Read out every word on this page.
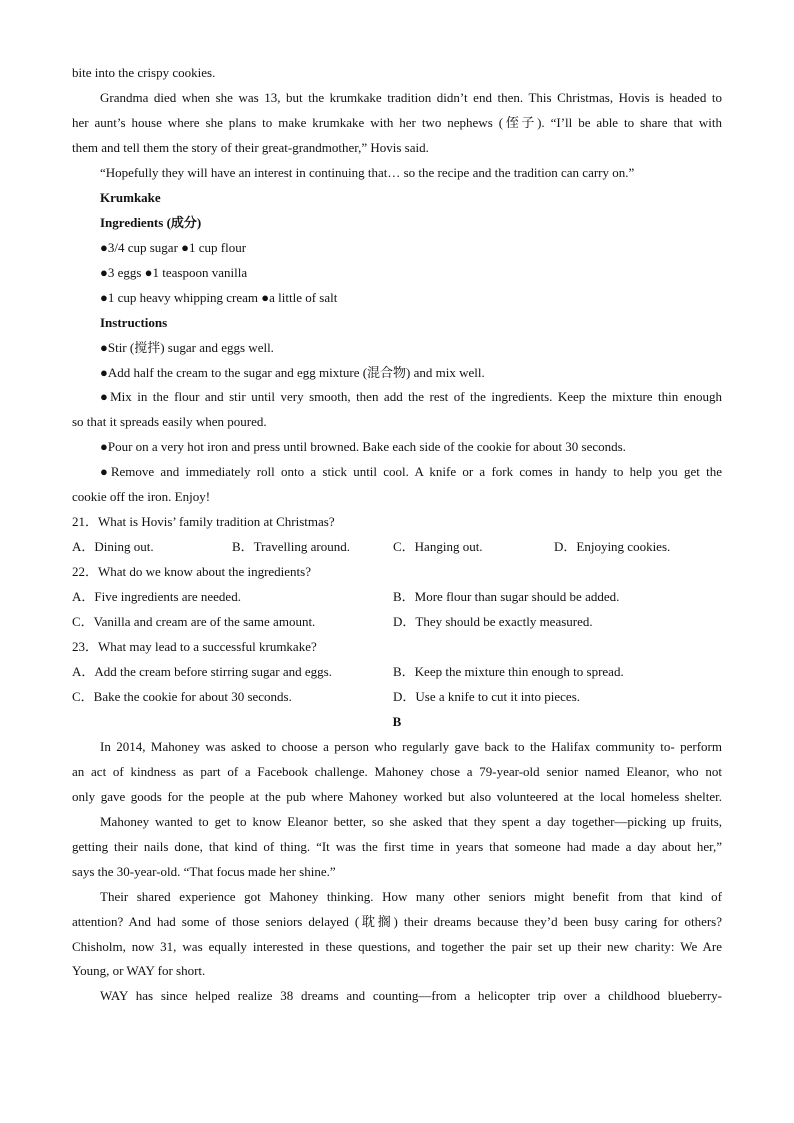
bite into the crispy cookies.
Grandma died when she was 13, but the krumkake tradition didn’t end then. This Christmas, Hovis is headed to
her aunt’s house where she plans to make krumkake with her two nephews (侄子). “I’ll be able to share that with
them and tell them the story of their great-grandmother,” Hovis said.
“Hopefully they will have an interest in continuing that… so the recipe and the tradition can carry on.”
Krumkake
Ingredients (成分)
●3/4 cup sugar ●1 cup flour
●3 eggs ●1 teaspoon vanilla
●1 cup heavy whipping cream ●a little of salt
Instructions
●Stir (搅拌) sugar and eggs well.
●Add half the cream to the sugar and egg mixture (混合物) and mix well.
●Mix in the flour and stir until very smooth, then add the rest of the ingredients. Keep the mixture thin enough
so that it spreads easily when poured.
●Pour on a very hot iron and press until browned. Bake each side of the cookie for about 30 seconds.
●Remove and immediately roll onto a stick until cool. A knife or a fork comes in handy to help you get the
cookie off the iron. Enjoy!
21．What is Hovis’ family tradition at Christmas?
A．Dining out.	B．Travelling around.	C．Hanging out.	D．Enjoying cookies.
22．What do we know about the ingredients?
A．Five ingredients are needed.	B．More flour than sugar should be added.
C．Vanilla and cream are of the same amount.	D．They should be exactly measured.
23．What may lead to a successful krumkake?
A．Add the cream before stirring sugar and eggs.	B．Keep the mixture thin enough to spread.
C．Bake the cookie for about 30 seconds.	D．Use a knife to cut it into pieces.
B
In 2014, Mahoney was asked to choose a person who regularly gave back to the Halifax community to- perform
an act of kindness as part of a Facebook challenge. Mahoney chose a 79-year-old senior named Eleanor, who not
only gave goods for the people at the pub where Mahoney worked but also volunteered at the local homeless shelter.
Mahoney wanted to get to know Eleanor better, so she asked that they spent a day together—picking up fruits,
getting their nails done, that kind of thing. “It was the first time in years that someone had made a day about her,”
says the 30-year-old. “That focus made her shine.”
Their shared experience got Mahoney thinking. How many other seniors might benefit from that kind of
attention? And had some of those seniors delayed (耽搁) their dreams because they’d been busy caring for others?
Chisholm, now 31, was equally interested in these questions, and together the pair set up their new charity: We Are
Young, or WAY for short.
WAY has since helped realize 38 dreams and counting—from a helicopter trip over a childhood blueberry-
